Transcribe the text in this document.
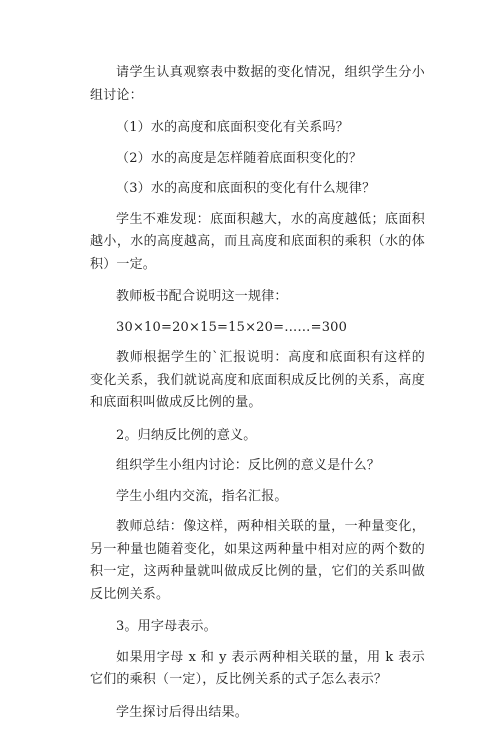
请学生认真观察表中数据的变化情况，组织学生分小组讨论：

（1）水的高度和底面积变化有关系吗？

（2）水的高度是怎样随着底面积变化的？

（3）水的高度和底面积的变化有什么规律？

学生不难发现：底面积越大，水的高度越低；底面积越小，水的高度越高，而且高度和底面积的乘积（水的体积）一定。

教师板书配合说明这一规律：

30×10=20×15=15×20=……=300

教师根据学生的`汇报说明：高度和底面积有这样的变化关系，我们就说高度和底面积成反比例的关系，高度和底面积叫做成反比例的量。

2。归纳反比例的意义。

组织学生小组内讨论：反比例的意义是什么？

学生小组内交流，指名汇报。

教师总结：像这样，两种相关联的量，一种量变化，另一种量也随着变化，如果这两种量中相对应的两个数的积一定，这两种量就叫做成反比例的量，它们的关系叫做反比例关系。

3。用字母表示。

如果用字母 x 和 y 表示两种相关联的量，用 k 表示它们的乘积（一定），反比例关系的式子怎么表示？

学生探讨后得出结果。
